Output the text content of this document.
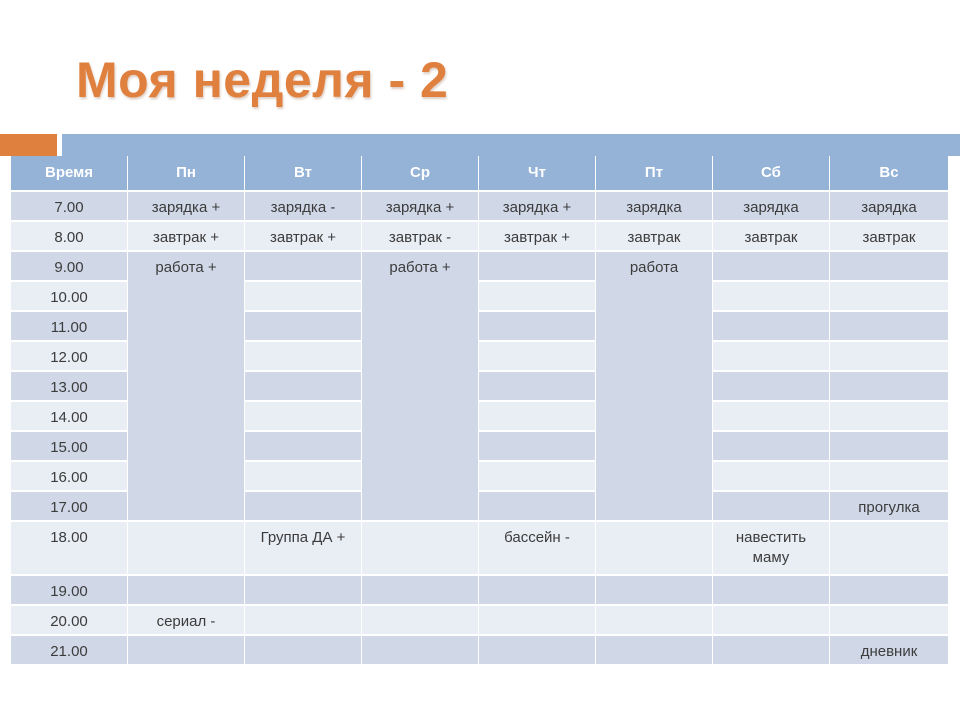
Моя неделя - 2
Время	Пн	Вт	Ср	Чт	Пт	Сб	Вс
7.00	зарядка +	зарядка -	зарядка +	зарядка +	зарядка	зарядка	зарядка
8.00	завтрак +	завтрак +	завтрак -	завтрак +	завтрак	завтрак	завтрак
9.00	работа +		работа +		работа		
10.00							
11.00							
12.00							
13.00							
14.00							
15.00							
16.00							
17.00							прогулка
18.00		Группа ДА +		бассейн -		навестить маму	
19.00							
20.00	сериал -						
21.00							дневник
